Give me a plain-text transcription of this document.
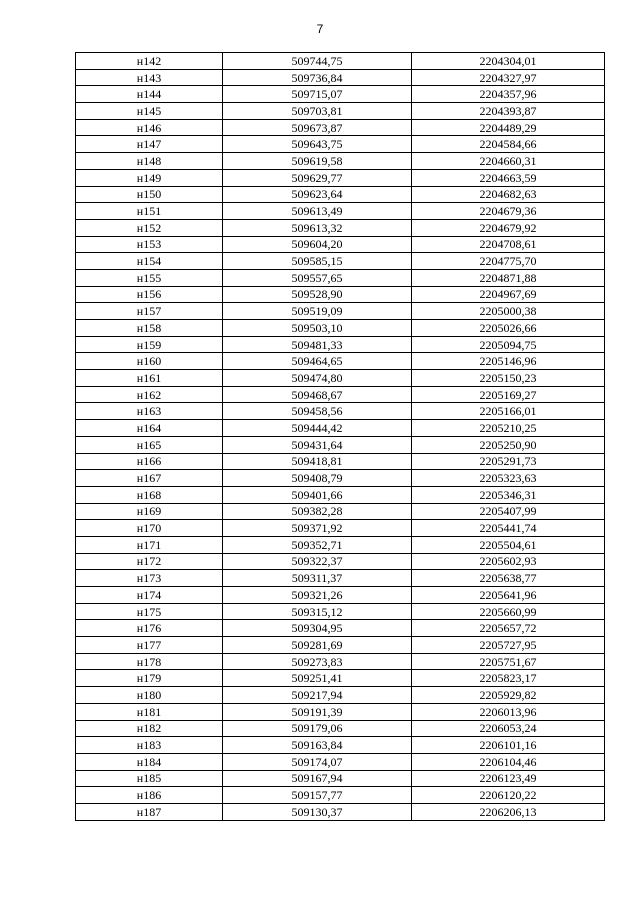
7
н142	509744,75	2204304,01
н143	509736,84	2204327,97
н144	509715,07	2204357,96
н145	509703,81	2204393,87
н146	509673,87	2204489,29
н147	509643,75	2204584,66
н148	509619,58	2204660,31
н149	509629,77	2204663,59
н150	509623,64	2204682,63
н151	509613,49	2204679,36
н152	509613,32	2204679,92
н153	509604,20	2204708,61
н154	509585,15	2204775,70
н155	509557,65	2204871,88
н156	509528,90	2204967,69
н157	509519,09	2205000,38
н158	509503,10	2205026,66
н159	509481,33	2205094,75
н160	509464,65	2205146,96
н161	509474,80	2205150,23
н162	509468,67	2205169,27
н163	509458,56	2205166,01
н164	509444,42	2205210,25
н165	509431,64	2205250,90
н166	509418,81	2205291,73
н167	509408,79	2205323,63
н168	509401,66	2205346,31
н169	509382,28	2205407,99
н170	509371,92	2205441,74
н171	509352,71	2205504,61
н172	509322,37	2205602,93
н173	509311,37	2205638,77
н174	509321,26	2205641,96
н175	509315,12	2205660,99
н176	509304,95	2205657,72
н177	509281,69	2205727,95
н178	509273,83	2205751,67
н179	509251,41	2205823,17
н180	509217,94	2205929,82
н181	509191,39	2206013,96
н182	509179,06	2206053,24
н183	509163,84	2206101,16
н184	509174,07	2206104,46
н185	509167,94	2206123,49
н186	509157,77	2206120,22
н187	509130,37	2206206,13
